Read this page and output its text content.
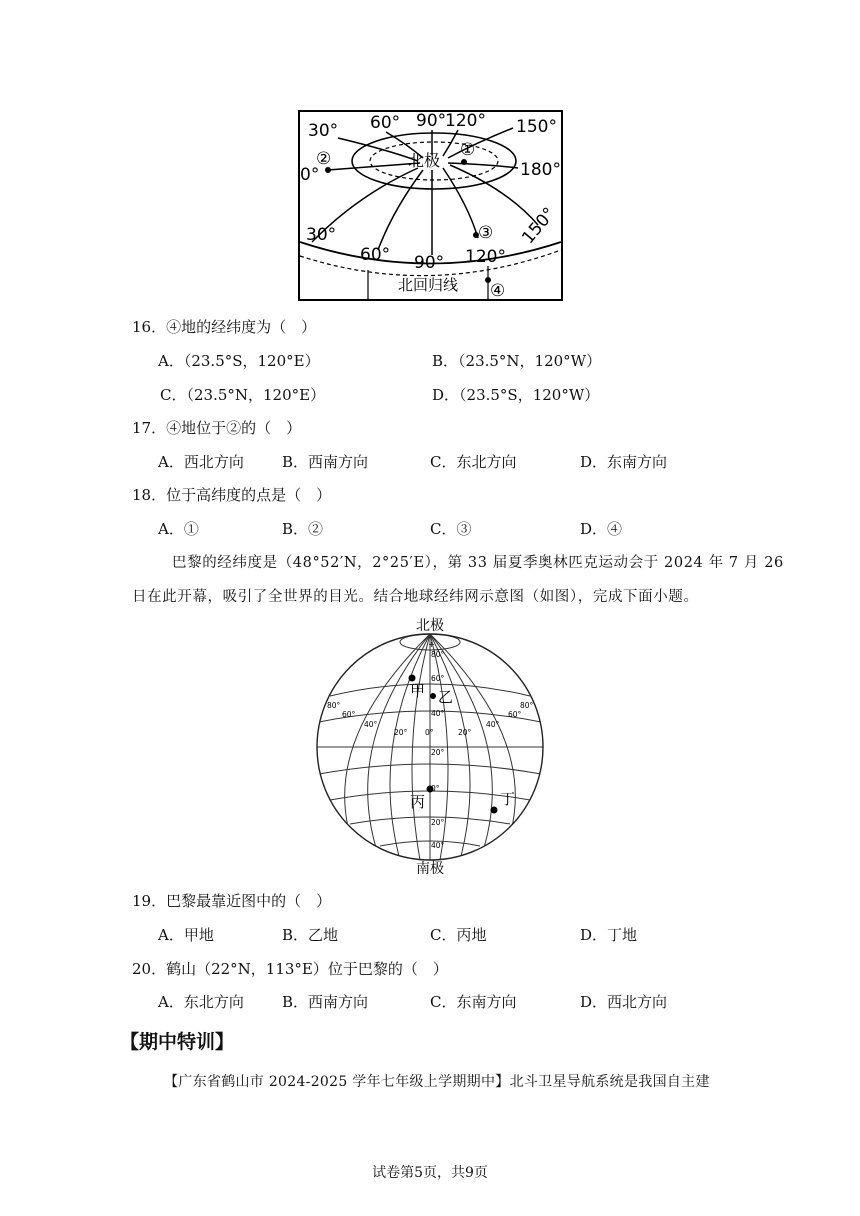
30° 60° 90°
120° 150°
180°
0°
北极
②	①
③
④
30°
60° 90° 120°
150°
北回归线
16．④地的经纬度为（　）
A．（23.5°S，120°E）	B．（23.5°N，120°W）
C．（23.5°N，120°E）	D．（23.5°S，120°W）
17．④地位于②的（　）
A．西北方向	B．西南方向	C．东北方向	D．东南方向
18．位于高纬度的点是（　）
A．①	B．②	C．③	D．④
巴黎的经纬度是（48°52′N，2°25′E），第 33 届夏季奥林匹克运动会于 2024 年 7 月 26
日在此开幕，吸引了全世界的目光。结合地球经纬网示意图（如图），完成下面小题。
+
北极
南极
甲 乙
丙	丁
80°
60°
40°
20°
0°
20°
40°
80°
60°
40°
20° 0°	20°
40°
60°
80°
19．巴黎最靠近图中的（　）
A．甲地	B．乙地	C．丙地	D．丁地
20．鹤山（22°N，113°E）位于巴黎的（　）
A．东北方向	B．西南方向	C．东南方向	D．西北方向
【期中特训】
【广东省鹤山市 2024-2025 学年七年级上学期期中】北斗卫星导航系统是我国自主建
试卷第5页，共9页
